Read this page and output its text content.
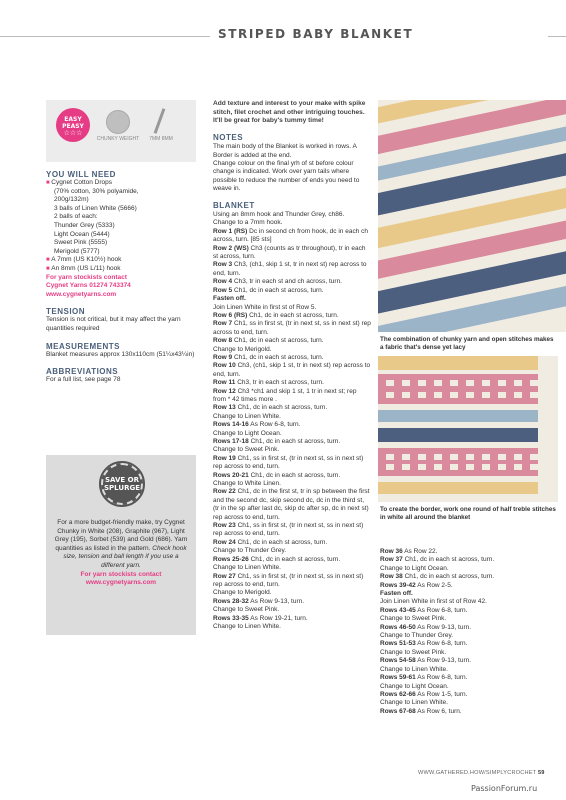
STRIPED BABY BLANKET
EASY
PEASY
☆☆☆
CHUNKY WEIGHT 7MM 8MM
YOU WILL NEED
■ Cygnet Cotton Drops
(70% cotton, 30% polyamide,
200g/132m)
3 balls of Linen White (5666)
2 balls of each:
Thunder Grey (5333)
Light Ocean (5444)
Sweet Pink (5555)
Merigold (5777)
■ A 7mm (US K10½) hook
■ An 8mm (US L/11) hook
For yarn stockists contact
Cygnet Yarns 01274 743374
www.cygnetyarns.com
TENSION

Tension is not critical, but it may affect the yarn quantities required

MEASUREMENTS

Blanket measures approx 130x110cm (51¼x43¼in)

ABBREVIATIONS

For a full list, see page 78

SAVE OR
SPLURGE

For a more budget-friendly make, try Cygnet Chunky in White (208), Graphite (967), Light Grey (195), Sorbet (539) and Gold (686). Yarn quantities as listed in the pattern. Check hook size, tension and ball length if you use a different yarn.

For yarn stockists contact
www.cygnetyarns.com

Add texture and interest to your make with spike stitch, filet crochet and other intriguing touches. It'll be great for baby's tummy time!

NOTES

The main body of the Blanket is worked in rows. A Border is added at the end.

Change colour on the final yrh of st before colour change is indicated. Work over yarn tails where possible to reduce the number of ends you need to weave in.

BLANKET
Using an 8mm hook and Thunder Grey, ch86.
Change to a 7mm hook.
Row 1 (RS) Dc in second ch from hook, dc in each ch across, turn. [85 sts]
Row 2 (WS) Ch3 (counts as tr throughout), tr in each st across, turn.
Row 3 Ch3, (ch1, skip 1 st, tr in next st) rep across to end, turn.
Row 4 Ch3, tr in each st and ch across, turn.
Row 5 Ch1, dc in each st across, turn.
Fasten off.
Join Linen White in first st of Row 5.
Row 6 (RS) Ch1, dc in each st across, turn.
Row 7 Ch1, ss in first st, (tr in next st, ss in next st) rep across to end, turn.
Row 8 Ch1, dc in each st across, turn.
Change to Merigold.
Row 9 Ch1, dc in each st across, turn.
Row 10 Ch3, (ch1, skip 1 st, tr in next st) rep across to end, turn.
Row 11 Ch3, tr in each st across, turn.
Row 12 Ch3 *ch1 and skip 1 st, 1 tr in next st; rep from * 42 times more .
Row 13 Ch1, dc in each st across, turn.
Change to Linen White.
Rows 14-16 As Row 6-8, turn.
Change to Light Ocean.
Rows 17-18 Ch1, dc in each st across, turn.
Change to Sweet Pink.
Row 19 Ch1, ss in first st, (tr in next st, ss in next st) rep across to end, turn.
Rows 20-21 Ch1, dc in each st across, turn.
Change to White Linen.
Row 22 Ch1, dc in the first st, tr in sp between the first and the second dc, skip second dc, dc in the third st, (tr in the sp after last dc, skip dc after sp, dc in next st) rep across to end, turn.
Row 23 Ch1, ss in first st, (tr in next st, ss in next st) rep across to end, turn.
Row 24 Ch1, dc in each st across, turn.
Change to Thunder Grey.
Rows 25-26 Ch1, dc in each st across, turn.
Change to Linen White.
Row 27 Ch1, ss in first st, (tr in next st, ss in next st) rep across to end, turn.
Change to Merigold.
Rows 28-32 As Row 9-13, turn.
Change to Sweet Pink.
Rows 33-35 As Row 19-21, turn.
Change to Linen White.
The combination of chunky yarn and open stitches makes a fabric that's dense yet lacy
To create the border, work one round of half treble stitches in white all around the blanket
Row 36 As Row 22.
Row 37 Ch1, dc in each st across, turn.
Change to Light Ocean.
Row 38 Ch1, dc in each st across, turn.
Rows 39-42 As Row 2-5.
Fasten off.
Join Linen White in first st of Row 42.
Rows 43-45 As Row 6-8, turn.
Change to Sweet Pink.
Rows 46-50 As Row 9-13, turn.
Change to Thunder Grey.
Rows 51-53 As Row 6-8, turn.
Change to Sweet Pink.
Rows 54-58 As Row 9-13, turn.
Change to Linen White.
Rows 59-61 As Row 6-8, turn.
Change to Light Ocean.
Rows 62-66 As Row 1-5, turn.
Change to Linen White.
Rows 67-68 As Row 6, turn.
WWW.GATHERED.HOW/SIMPLYCROCHET 59
PassionForum.ru
